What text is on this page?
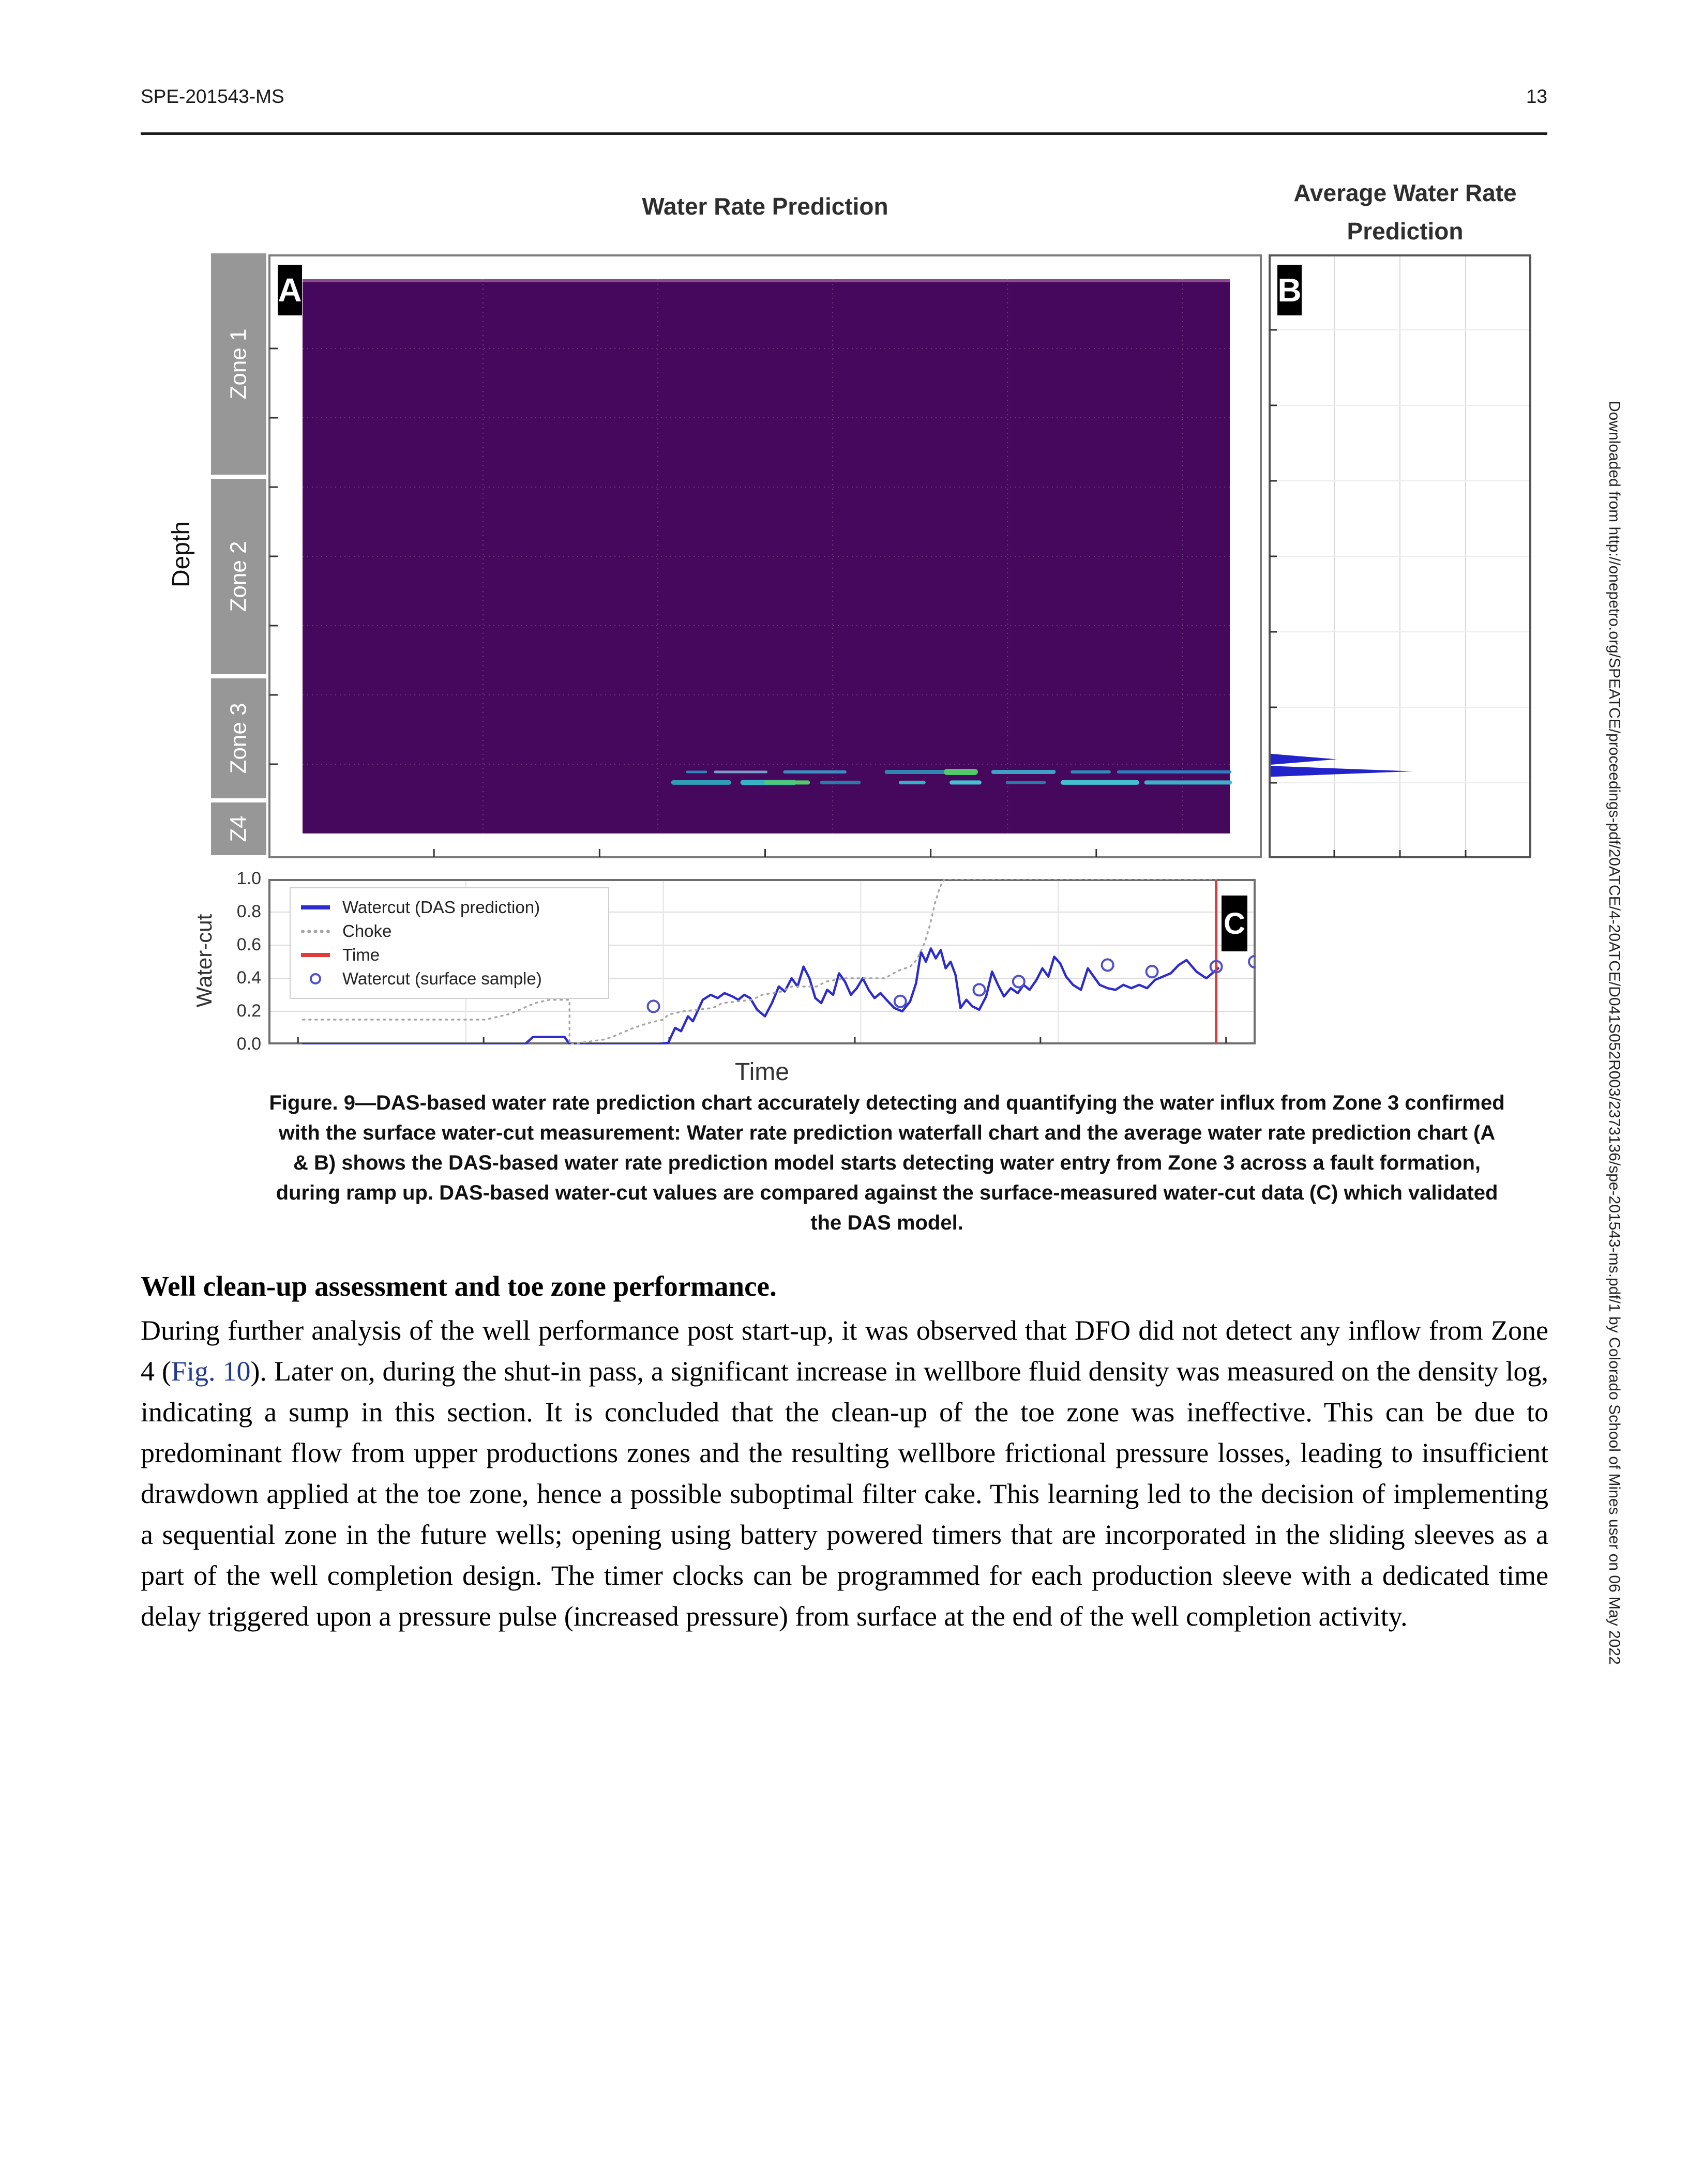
SPE-201543-MS	13
Water Rate Prediction	Average Water Rate
Prediction
Depth
Zone 1
Zone 2
Zone 3
Z4
A	B
C
1.0
0.8
0.6
0.4
0.2
0.0
Water-cut
Time
Watercut (DAS prediction)
Choke
Time
Watercut (surface sample)
Figure. 9—DAS-based water rate prediction chart accurately detecting and quantifying the water influx from Zone 3 confirmed with the surface water-cut measurement: Water rate prediction waterfall chart and the average water rate prediction chart (A & B) shows the DAS-based water rate prediction model starts detecting water entry from Zone 3 across a fault formation, during ramp up. DAS-based water-cut values are compared against the surface-measured water-cut data (C) which validated the DAS model.
Well clean-up assessment and toe zone performance.

During further analysis of the well performance post start-up, it was observed that DFO did not detect any inflow from Zone 4 (Fig. 10). Later on, during the shut-in pass, a significant increase in wellbore fluid density was measured on the density log, indicating a sump in this section. It is concluded that the clean-up of the toe zone was ineffective. This can be due to predominant flow from upper productions zones and the resulting wellbore frictional pressure losses, leading to insufficient drawdown applied at the toe zone, hence a possible suboptimal filter cake. This learning led to the decision of implementing a sequential zone in the future wells; opening using battery powered timers that are incorporated in the sliding sleeves as a part of the well completion design. The timer clocks can be programmed for each production sleeve with a dedicated time delay triggered upon a pressure pulse (increased pressure) from surface at the end of the well completion activity.	Downloaded from http://onepetro.org/SPEATCE/proceedings-pdf/20ATCE/4-20ATCE/D041S052R003/2373136/spe-201543-ms.pdf/1 by Colorado School of Mines user on 06 May 2022
